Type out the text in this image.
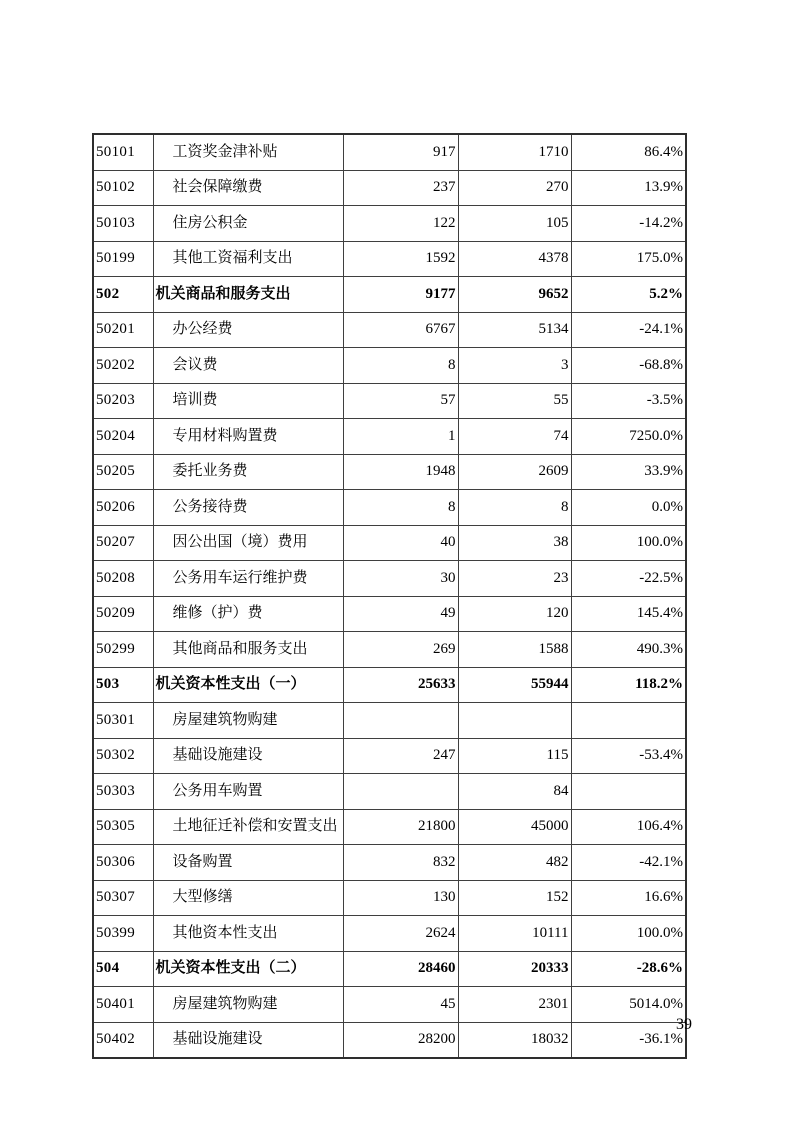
50101	工资奖金津补贴	917	1710	86.4%
50102	社会保障缴费	237	270	13.9%
50103	住房公积金	122	105	-14.2%
50199	其他工资福利支出	1592	4378	175.0%
502	机关商品和服务支出	9177	9652	5.2%
50201	办公经费	6767	5134	-24.1%
50202	会议费	8	3	-68.8%
50203	培训费	57	55	-3.5%
50204	专用材料购置费	1	74	7250.0%
50205	委托业务费	1948	2609	33.9%
50206	公务接待费	8	8	0.0%
50207	因公出国（境）费用	40	38	100.0%
50208	公务用车运行维护费	30	23	-22.5%
50209	维修（护）费	49	120	145.4%
50299	其他商品和服务支出	269	1588	490.3%
503	机关资本性支出（一）	25633	55944	118.2%
50301	房屋建筑物购建			
50302	基础设施建设	247	115	-53.4%
50303	公务用车购置		84	
50305	土地征迁补偿和安置支出	21800	45000	106.4%
50306	设备购置	832	482	-42.1%
50307	大型修缮	130	152	16.6%
50399	其他资本性支出	2624	10111	100.0%
504	机关资本性支出（二）	28460	20333	-28.6%
50401	房屋建筑物购建	45	2301	5014.0%
50402	基础设施建设	28200	18032	-36.1%
39
